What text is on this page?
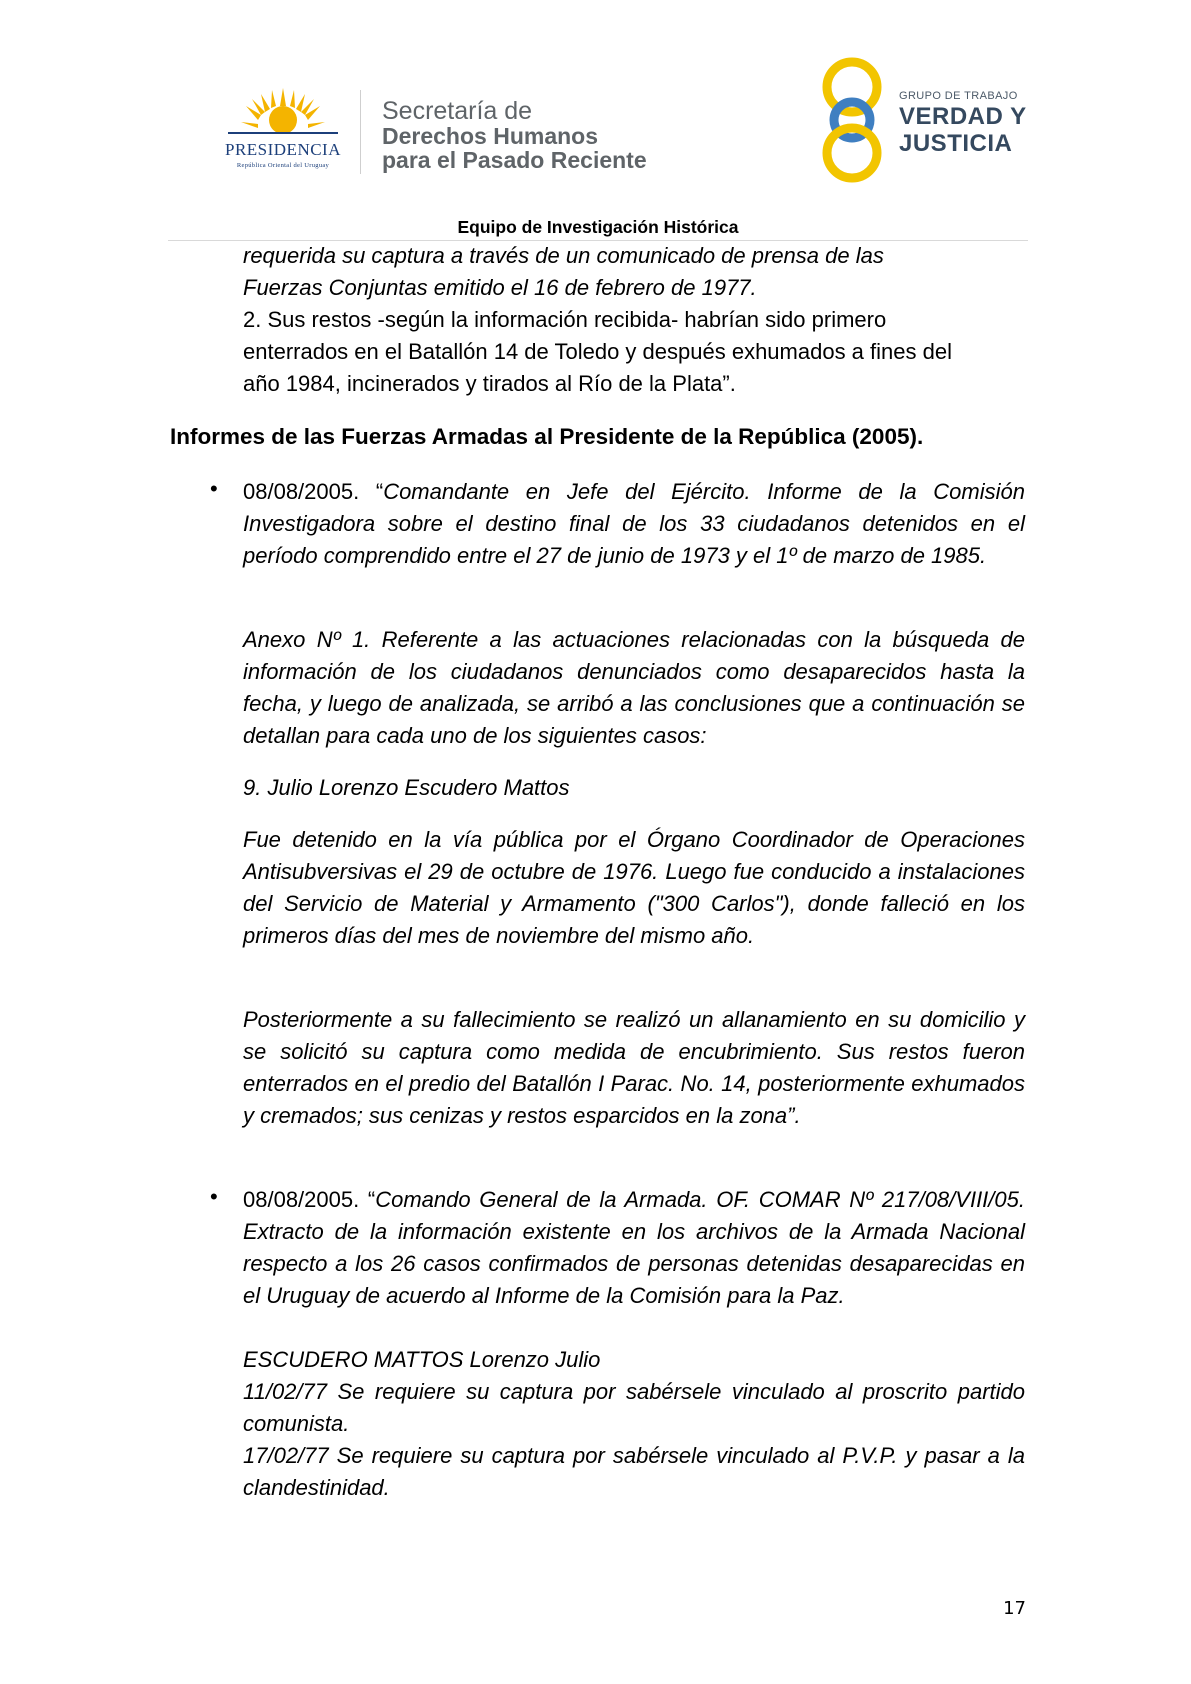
PRESIDENCIA
República Oriental del Uruguay
Secretaría de
Derechos Humanos
para el Pasado Reciente
GRUPO DE TRABAJO
VERDAD Y
JUSTICIA
Equipo de Investigación Histórica
requerida su captura a través de un comunicado de prensa de las
Fuerzas Conjuntas emitido el 16 de febrero de 1977.
2. Sus restos -según la información recibida- habrían sido primero
enterrados en el Batallón 14 de Toledo y después exhumados a fines del
año 1984, incinerados y tirados al Río de la Plata”.
Informes de las Fuerzas Armadas al Presidente de la República (2005).
• 08/08/2005. “Comandante en Jefe del Ejército. Informe de la Comisión Investigadora sobre el destino final de los 33 ciudadanos detenidos en el período comprendido entre el 27 de junio de 1973 y el 1º de marzo de 1985.
Anexo Nº 1. Referente a las actuaciones relacionadas con la búsqueda de información de los ciudadanos denunciados como desaparecidos hasta la fecha, y luego de analizada, se arribó a las conclusiones que a continuación se detallan para cada uno de los siguientes casos:
9. Julio Lorenzo Escudero Mattos
Fue detenido en la vía pública por el Órgano Coordinador de Operaciones Antisubversivas el 29 de octubre de 1976. Luego fue conducido a instalaciones del Servicio de Material y Armamento ("300 Carlos"), donde falleció en los primeros días del mes de noviembre del mismo año.
Posteriormente a su fallecimiento se realizó un allanamiento en su domicilio y se solicitó su captura como medida de encubrimiento. Sus restos fueron enterrados en el predio del Batallón I Parac. No. 14, posteriormente exhumados y cremados; sus cenizas y restos esparcidos en la zona”.
• 08/08/2005. “Comando General de la Armada. OF. COMAR Nº 217/08/VIII/05. Extracto de la información existente en los archivos de la Armada Nacional respecto a los 26 casos confirmados de personas detenidas desaparecidas en el Uruguay de acuerdo al Informe de la Comisión para la Paz.
ESCUDERO MATTOS Lorenzo Julio
11/02/77 Se requiere su captura por sabérsele vinculado al proscrito partido comunista.
17/02/77 Se requiere su captura por sabérsele vinculado al P.V.P. y pasar a la clandestinidad.
17
